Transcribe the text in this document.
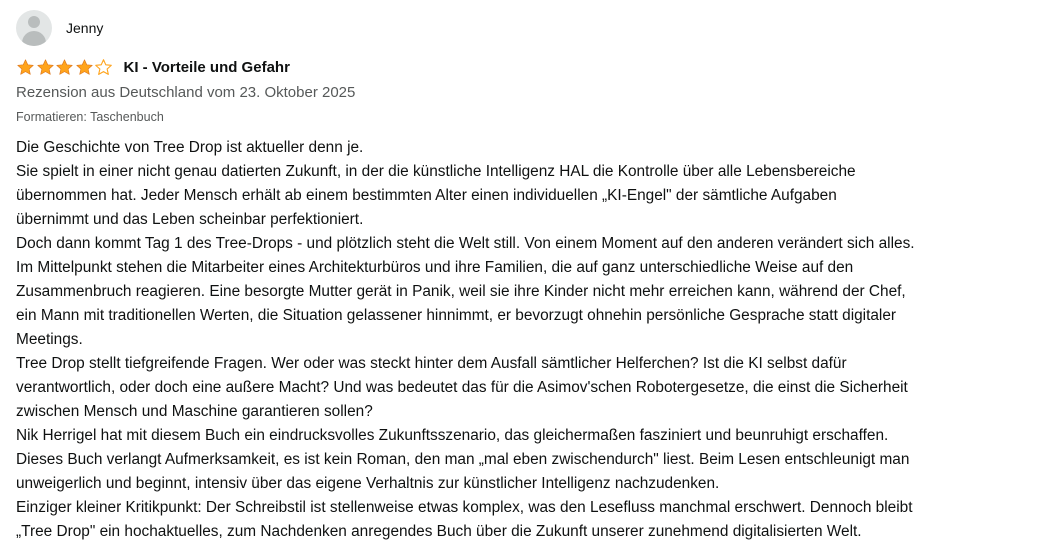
Jenny
KI - Vorteile und Gefahr
Rezension aus Deutschland vom 23. Oktober 2025
Formatieren: Taschenbuch

Die Geschichte von Tree Drop ist aktueller denn je.

Sie spielt in einer nicht genau datierten Zukunft, in der die künstliche Intelligenz HAL die Kontrolle über alle Lebensbereiche

übernommen hat. Jeder Mensch erhält ab einem bestimmten Alter einen individuellen „KI-Engel" der sämtliche Aufgaben

übernimmt und das Leben scheinbar perfektioniert.

Doch dann kommt Tag 1 des Tree-Drops - und plötzlich steht die Welt still. Von einem Moment auf den anderen verändert sich alles.

Im Mittelpunkt stehen die Mitarbeiter eines Architekturbüros und ihre Familien, die auf ganz unterschiedliche Weise auf den

Zusammenbruch reagieren. Eine besorgte Mutter gerät in Panik, weil sie ihre Kinder nicht mehr erreichen kann, während der Chef,

ein Mann mit traditionellen Werten, die Situation gelassener hinnimmt, er bevorzugt ohnehin persönliche Gesprache statt digitaler

Meetings.

Tree Drop stellt tiefgreifende Fragen. Wer oder was steckt hinter dem Ausfall sämtlicher Helferchen? Ist die KI selbst dafür

verantwortlich, oder doch eine außere Macht? Und was bedeutet das für die Asimov'schen Robotergesetze, die einst die Sicherheit

zwischen Mensch und Maschine garantieren sollen?

Nik Herrigel hat mit diesem Buch ein eindrucksvolles Zukunftsszenario, das gleichermaßen fasziniert und beunruhigt erschaffen.

Dieses Buch verlangt Aufmerksamkeit, es ist kein Roman, den man „mal eben zwischendurch" liest. Beim Lesen entschleunigt man

unweigerlich und beginnt, intensiv über das eigene Verhaltnis zur künstlicher Intelligenz nachzudenken.

Einziger kleiner Kritikpunkt: Der Schreibstil ist stellenweise etwas komplex, was den Lesefluss manchmal erschwert. Dennoch bleibt

„Tree Drop" ein hochaktuelles, zum Nachdenken anregendes Buch über die Zukunft unserer zunehmend digitalisierten Welt.
